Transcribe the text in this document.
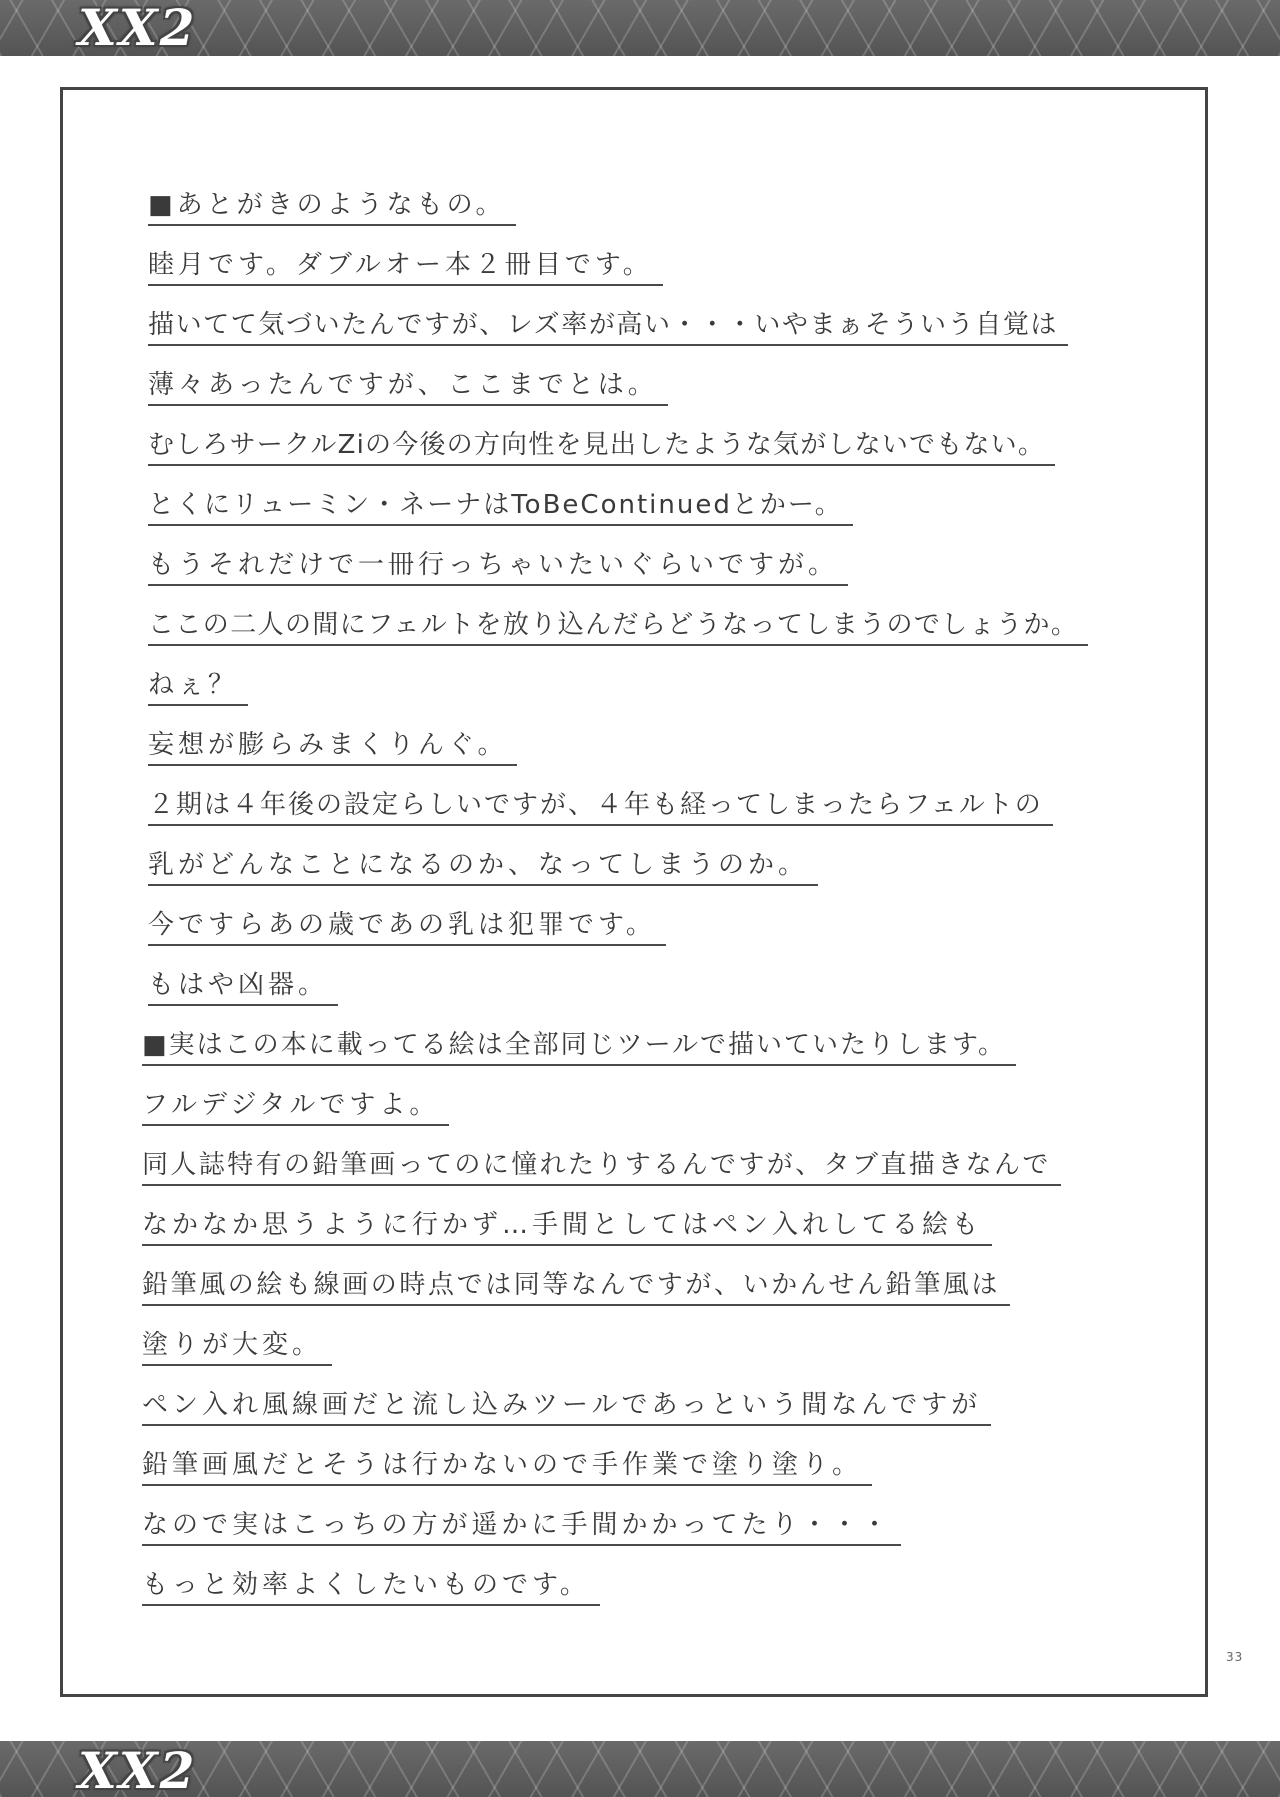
XX2
■あとがきのようなもの。
睦月です。ダブルオー本２冊目です。
描いてて気づいたんですが、レズ率が高い・・・いやまぁそういう自覚は
薄々あったんですが、ここまでとは。
むしろサークルZiの今後の方向性を見出したような気がしないでもない。
とくにリューミン・ネーナはToBeContinuedとかー。
もうそれだけで一冊行っちゃいたいぐらいですが。
ここの二人の間にフェルトを放り込んだらどうなってしまうのでしょうか。
ねぇ？
妄想が膨らみまくりんぐ。
２期は４年後の設定らしいですが、４年も経ってしまったらフェルトの
乳がどんなことになるのか、なってしまうのか。
今ですらあの歳であの乳は犯罪です。
もはや凶器。
■実はこの本に載ってる絵は全部同じツールで描いていたりします。
フルデジタルですよ。
同人誌特有の鉛筆画ってのに憧れたりするんですが、タブ直描きなんで
なかなか思うように行かず…手間としてはペン入れしてる絵も
鉛筆風の絵も線画の時点では同等なんですが、いかんせん鉛筆風は
塗りが大変。
ペン入れ風線画だと流し込みツールであっという間なんですが
鉛筆画風だとそうは行かないので手作業で塗り塗り。
なので実はこっちの方が遥かに手間かかってたり・・・
もっと効率よくしたいものです。
33
XX2
